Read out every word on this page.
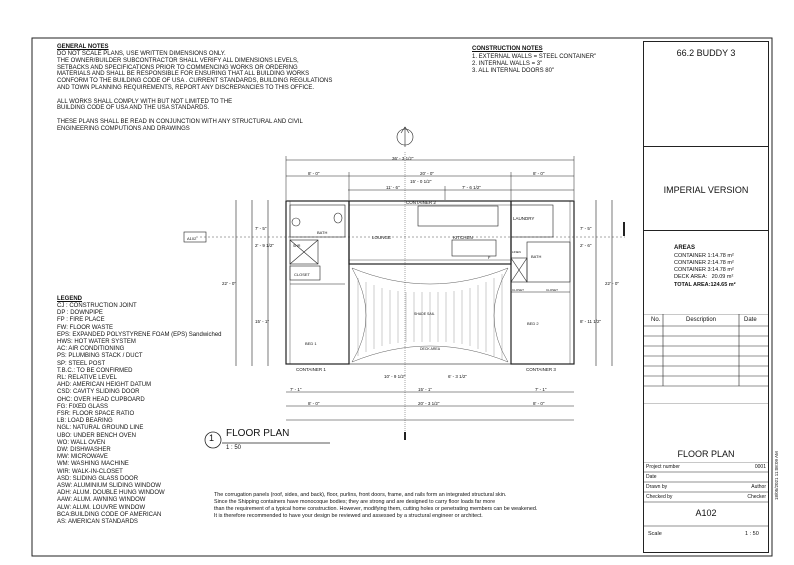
GENERAL NOTES
DO NOT SCALE PLANS, USE WRITTEN DIMENSIONS ONLY.
THE OWNER/BUILDER SUBCONTRACTOR SHALL VERIFY ALL DIMENSIONS LEVELS,
SETBACKS AND SPECIFICATIONS PRIOR TO COMMENCING WORKS OR ORDERING
MATERIALS AND SHALL BE RESPONSIBLE FOR ENSURING THAT ALL BUILDING WORKS
CONFORM TO THE BUILDING CODE OF USA . CURRENT STANDARDS, BUILDING REGULATIONS
AND TOWN PLANNING REQUIREMENTS, REPORT ANY DISCREPANCIES TO THIS OFFICE.
ALL WORKS SHALL COMPLY WITH BUT NOT LIMITED TO THE
BUILDING CODE OF USA AND THE USA STANDARDS.
THESE PLANS SHALL BE READ IN CONJUNCTION WITH ANY STRUCTURAL AND CIVIL
ENGINEERING COMPUTIONS AND DRAWINGS
CONSTRUCTION NOTES
1. EXTERNAL WALLS = STEEL CONTAINER"
2. INTERNAL WALLS = 3"
3. ALL INTERNAL DOORS 80"
LEGEND
CJ : CONSTRUCTION JOINT
DP : DOWNPIPE
FP : FIRE PLACE
FW: FLOOR WASTE
EPS: EXPANDED POLYSTYRENE FOAM (EPS) Sandwiched
HWS: HOT WATER SYSTEM
AC: AIR CONDITIONING
PS: PLUMBING STACK / DUCT
SP: STEEL POST
T.B.C.: TO BE CONFIRMED
RL: RELATIVE LEVEL
AHD: AMERICAN HEIGHT DATUM
CSD: CAVITY SLIDING DOOR
OHC: OVER HEAD CUPBOARD
FG: FIXED GLASS
FSR: FLOOR SPACE RATIO
LB: LOAD BEARING
NGL: NATURAL GROUND LINE
UBO: UNDER BENCH OVEN
WO: WALL OVEN
DW: DISHWASHER
MW: MICROWAVE
WM: WASHING MACHINE
WIR: WALK-IN-CLOSET
ASD: SLIDING GLASS DOOR
ASW: ALUMINIUM SLIDING WINDOW
ADH: ALUM. DOUBLE HUNG WINDOW
AAW: ALUM. AWNING WINDOW
ALW: ALUM. LOUVRE WINDOW
BCA:BUILDING CODE OF AMERICAN
AS: AMERICAN STANDARDS
The corrugation panels (roof, sides, and back), floor, purlins, front doors, frame, and rails form an integrated structural skin.
Since the Shipping containers have monocoque bodies; they are strong and are designed to carry floor loads far more
than the requirement of a typical home construction. However, modifying them, cutting holes or penetrating members can be weakened.
It is therefore recommended to have your design be reviewed and assessed by a structural engineer or architect.
1 FLOOR PLAN
1 : 50
36' - 3 1/2"
8' - 0"	20' - 0"	8' - 0"
11' - 6"
15' - 0 1/2"
7' - 6 1/2"
7' - 1"
10' - 9 1/2"	6' - 3 1/2"
15' - 1"	7' - 1"
8' - 0"	20' - 3 1/2"	8' - 0"
7' - 5"
2' - 9 1/2"
22' - 0"
15' - 1"
7' - 5"
2' - 6"
22' - 0"
8' - 11 1/2"
A102
CONTAINER 2
CONTAINER 1	CONTAINER 3
LOUNGE	KITCHEN
LAUNDRY
BATH
BATH
SHR
CLOSET
CLOSET	CLOSET
LINEN
BED 1
BED 2
SHADE SAIL
DECK AREA
F
66.2 BUDDY 3
IMPERIAL VERSION
AREAS
CONTAINER 1:14.78 m²
CONTAINER 2:14.78 m²
CONTAINER 3:14.78 m²
DECK AREA:   20.09 m²
TOTAL AREA:124.65 m²
No.	Description	Date
FLOOR PLAN
Project number	0001
Date
Drawn by	Author
Checked by	Checker
A102
Scale	1 : 50
18/05/2021 11:08:09 AM
